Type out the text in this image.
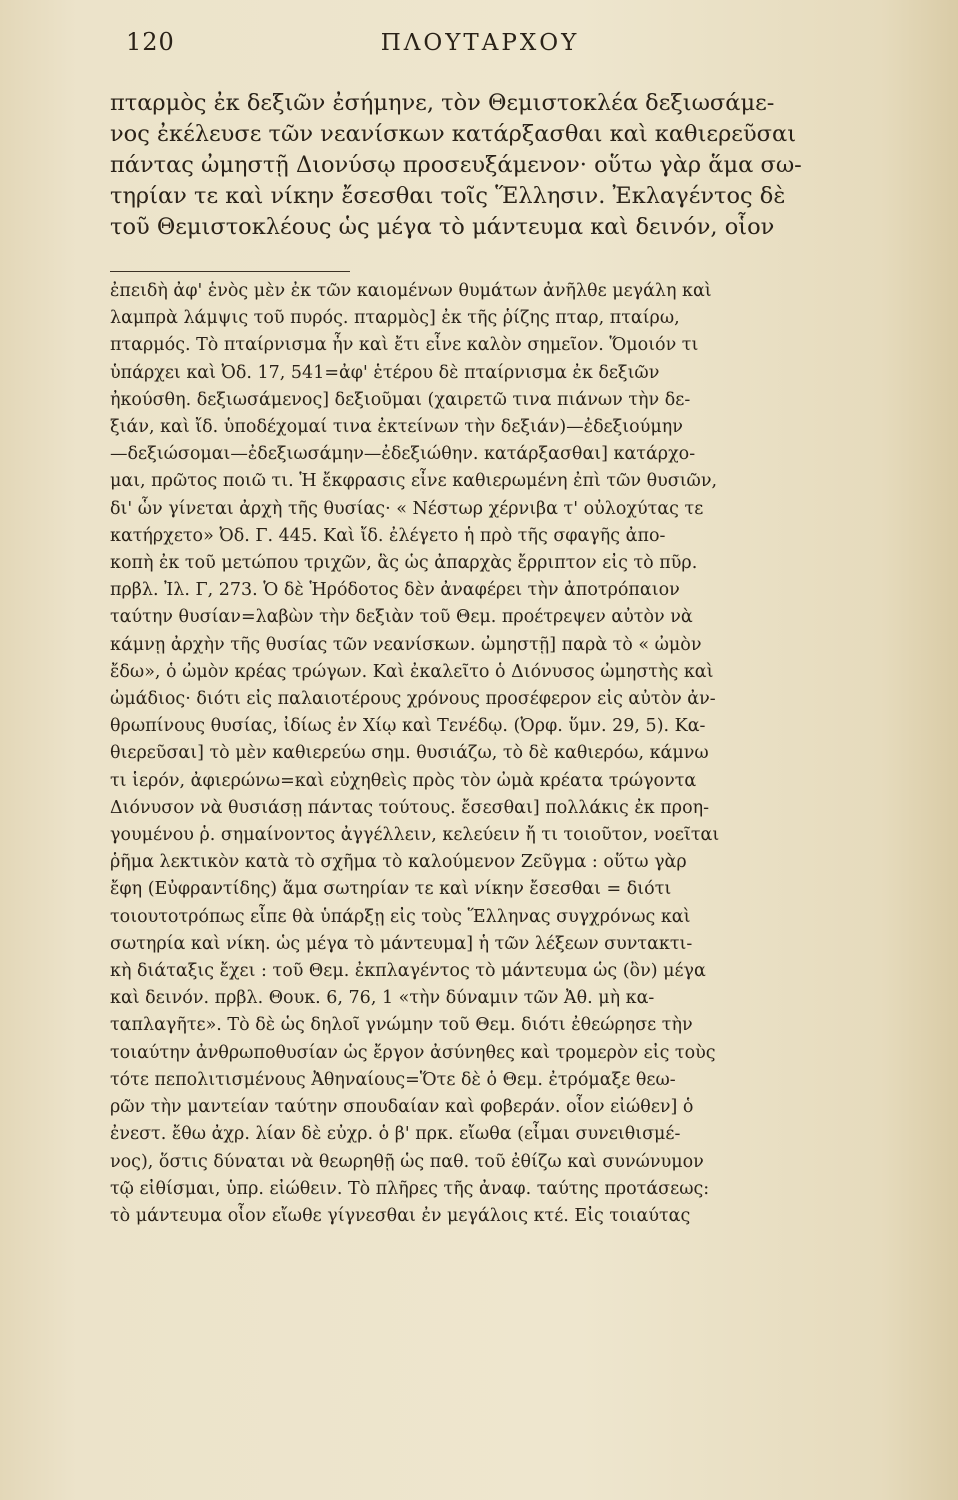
120	ΠΛΟΥΤΑΡΧΟΥ

πταρμὸς ἐκ δεξιῶν ἐσήμηνε, τὸν Θεμιστοκλέα δεξιωσάμε-
νος ἐκέλευσε τῶν νεανίσκων κατάρξασθαι καὶ καθιερεῦσαι
πάντας ὠμηστῇ Διονύσῳ προσευξάμενον· οὕτω γὰρ ἅμα σω-
τηρίαν τε καὶ νίκην ἔσεσθαι τοῖς Ἕλλησιν. Ἐκλαγέντος δὲ
τοῦ Θεμιστοκλέους ὡς μέγα τὸ μάντευμα καὶ δεινόν, οἷον

ἐπειδὴ ἀφ' ἑνὸς μὲν ἐκ τῶν καιομένων θυμάτων ἀνῆλθε μεγάλη καὶ
λαμπρὰ λάμψις τοῦ πυρός. πταρμὸς] ἐκ τῆς ῥίζης πταρ, πταίρω,
πταρμός. Τὸ πταίρνισμα ἦν καὶ ἔτι εἶνε καλὸν σημεῖον. Ὅμοιόν τι
ὑπάρχει καὶ Ὀδ. 17, 541=ἀφ' ἑτέρου δὲ πταίρνισμα ἐκ δεξιῶν
ἠκούσθη. δεξιωσάμενος] δεξιοῦμαι (χαιρετῶ τινα πιάνων τὴν δε-
ξιάν, καὶ ἴδ. ὑποδέχομαί τινα ἐκτείνων τὴν δεξιάν)—ἐδεξιούμην
—δεξιώσομαι—ἐδεξιωσάμην—ἐδεξιώθην. κατάρξασθαι] κατάρχο-
μαι, πρῶτος ποιῶ τι. Ἡ ἔκφρασις εἶνε καθιερωμένη ἐπὶ τῶν θυσιῶν,
δι' ὧν γίνεται ἀρχὴ τῆς θυσίας· « Νέστωρ χέρνιβα τ' οὐλοχύτας τε
κατήρχετο» Ὀδ. Γ. 445. Καὶ ἴδ. ἐλέγετο ἡ πρὸ τῆς σφαγῆς ἀπο-
κοπὴ ἐκ τοῦ μετώπου τριχῶν, ἃς ὡς ἀπαρχὰς ἔρριπτον εἰς τὸ πῦρ.
πρβλ. Ἰλ. Γ, 273. Ὁ δὲ Ἡρόδοτος δὲν ἀναφέρει τὴν ἀποτρόπαιον
ταύτην θυσίαν=λαβὼν τὴν δεξιὰν τοῦ Θεμ. προέτρεψεν αὐτὸν νὰ
κάμνῃ ἀρχὴν τῆς θυσίας τῶν νεανίσκων. ὠμηστῇ] παρὰ τὸ « ὠμὸν
ἔδω», ὁ ὠμὸν κρέας τρώγων. Καὶ ἐκαλεῖτο ὁ Διόνυσος ὠμηστὴς καὶ
ὠμάδιος· διότι εἰς παλαιοτέρους χρόνους προσέφερον εἰς αὐτὸν ἀν-
θρωπίνους θυσίας, ἰδίως ἐν Χίῳ καὶ Τενέδῳ. (Ὀρφ. ὕμν. 29, 5). Κα-
θιερεῦσαι] τὸ μὲν καθιερεύω σημ. θυσιάζω, τὸ δὲ καθιερόω, κάμνω
τι ἱερόν, ἀφιερώνω=καὶ εὐχηθεὶς πρὸς τὸν ὠμὰ κρέατα τρώγοντα
Διόνυσον νὰ θυσιάσῃ πάντας τούτους. ἔσεσθαι] πολλάκις ἐκ προη-
γουμένου ῥ. σημαίνοντος ἀγγέλλειν, κελεύειν ἤ τι τοιοῦτον, νοεῖται
ῥῆμα λεκτικὸν κατὰ τὸ σχῆμα τὸ καλούμενον Ζεῦγμα : οὕτω γὰρ
ἔφη (Εὐφραντίδης) ἅμα σωτηρίαν τε καὶ νίκην ἔσεσθαι = διότι
τοιουτοτρόπως εἶπε θὰ ὑπάρξῃ εἰς τοὺς Ἕλληνας συγχρόνως καὶ
σωτηρία καὶ νίκη. ὡς μέγα τὸ μάντευμα] ἡ τῶν λέξεων συντακτι-
κὴ διάταξις ἔχει : τοῦ Θεμ. ἐκπλαγέντος τὸ μάντευμα ὡς (ὂν) μέγα
καὶ δεινόν. πρβλ. Θουκ. 6, 76, 1 «τὴν δύναμιν τῶν Ἀθ. μὴ κα-
ταπλαγῆτε». Τὸ δὲ ὡς δηλοῖ γνώμην τοῦ Θεμ. διότι ἐθεώρησε τὴν
τοιαύτην ἀνθρωποθυσίαν ὡς ἔργον ἀσύνηθες καὶ τρομερὸν εἰς τοὺς
τότε πεπολιτισμένους Ἀθηναίους=Ὅτε δὲ ὁ Θεμ. ἐτρόμαξε θεω-
ρῶν τὴν μαντείαν ταύτην σπουδαίαν καὶ φοβεράν. οἷον εἰώθεν] ὁ
ἐνεστ. ἔθω ἀχρ. λίαν δὲ εὐχρ. ὁ β' πρκ. εἴωθα (εἶμαι συνειθισμέ-
νος), ὅστις δύναται νὰ θεωρηθῇ ὡς παθ. τοῦ ἐθίζω καὶ συνώνυμον
τῷ εἰθίσμαι, ὑπρ. εἰώθειν. Τὸ πλῆρες τῆς ἀναφ. ταύτης προτάσεως:
τὸ μάντευμα οἷον εἴωθε γίγνεσθαι ἐν μεγάλοις κτέ. Εἰς τοιαύτας
